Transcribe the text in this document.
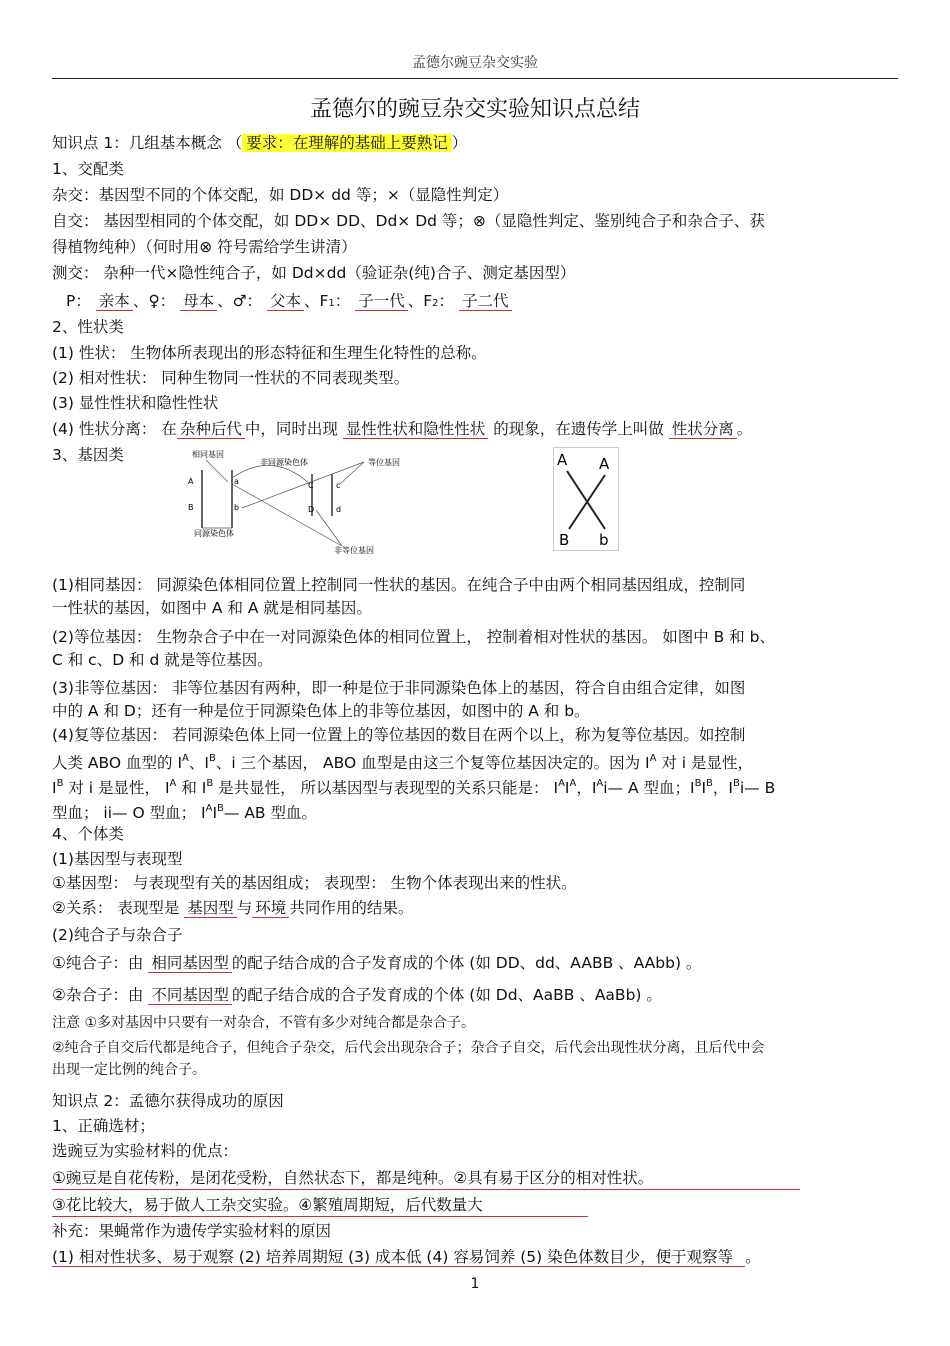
孟德尔豌豆杂交实验
孟德尔的豌豆杂交实验知识点总结
知识点 1：几组基本概念 （ 要求：在理解的基础上要熟记 ）
1、交配类
杂交：基因型不同的个体交配，如 DD× dd 等；×（显隐性判定）
自交： 基因型相同的个体交配，如 DD× DD、Dd× Dd 等；⊗（显隐性判定、鉴别纯合子和杂合子、获
得植物纯种）（何时用⊗ 符号需给学生讲清）
测交： 杂种一代×隐性纯合子，如 Dd×dd（验证杂(纯)合子、测定基因型）
P： 亲本 、♀： 母本 、♂： 父本 、F1： 子一代 、F2： 子二代
2、性状类
(1) 性状： 生物体所表现出的形态特征和生理生化特性的总称。
(2) 相对性状： 同种生物同一性状的不同表现类型。
(3) 显性性状和隐性性状
(4) 性状分离： 在 杂种后代 中，同时出现 显性性状和隐性性状 的现象，在遗传学上叫做 性状分离 。
3、基因类	相同基因
非同源染色体	等位基因
同源染色体
非等位基因
A	a
B	b
C	c
D	d
A A
B b
(1)相同基因： 同源染色体相同位置上控制同一性状的基因。在纯合子中由两个相同基因组成，控制同
一性状的基因，如图中 A 和 A 就是相同基因。
(2)等位基因： 生物杂合子中在一对同源染色体的相同位置上， 控制着相对性状的基因。 如图中 B 和 b、
C 和 c、D 和 d 就是等位基因。
(3)非等位基因： 非等位基因有两种，即一种是位于非同源染色体上的基因，符合自由组合定律，如图
中的 A 和 D；还有一种是位于同源染色体上的非等位基因，如图中的 A 和 b。
(4)复等位基因： 若同源染色体上同一位置上的等位基因的数目在两个以上，称为复等位基因。如控制
人类 ABO 血型的 $I^A$、$I^B$、i 三个基因， ABO 血型是由这三个复等位基因决定的。因为 $I^A$ 对 i 是显性，
$I^B$ 对 i 是显性， $I^A$ 和 $I^B$ 是共显性， 所以基因型与表现型的关系只能是： $I^AI^A$，$I^Ai—$ A 型血；$I^BI^B$，$I^Bi—$ B
型血； ii— O 型血； $I^AI^B—$ AB 型血。
4、个体类
(1)基因型与表现型
①基因型： 与表现型有关的基因组成； 表现型： 生物个体表现出来的性状。
②关系： 表现型是 基因型 与 环境 共同作用的结果。
(2)纯合子与杂合子
①纯合子：由 相同基因型 的配子结合成的合子发育成的个体 (如 DD、dd、AABB 、AAbb) 。
②杂合子：由 不同基因型 的配子结合成的合子发育成的个体 (如 Dd、AaBB 、AaBb) 。
注意 ①多对基因中只要有一对杂合，不管有多少对纯合都是杂合子。
②纯合子自交后代都是纯合子，但纯合子杂交，后代会出现杂合子；杂合子自交，后代会出现性状分离，且后代中会
出现一定比例的纯合子。
知识点 2：孟德尔获得成功的原因
1、正确选材；
选豌豆为实验材料的优点：
①豌豆是自花传粉，是闭花受粉，自然状态下，都是纯种。②具有易于区分的相对性状。
③花比较大，易于做人工杂交实验。④繁殖周期短，后代数量大
补充：果蝇常作为遗传学实验材料的原因
(1) 相对性状多、易于观察 (2) 培养周期短 (3) 成本低 (4) 容易饲养 (5) 染色体数目少，便于观察等 。
1
